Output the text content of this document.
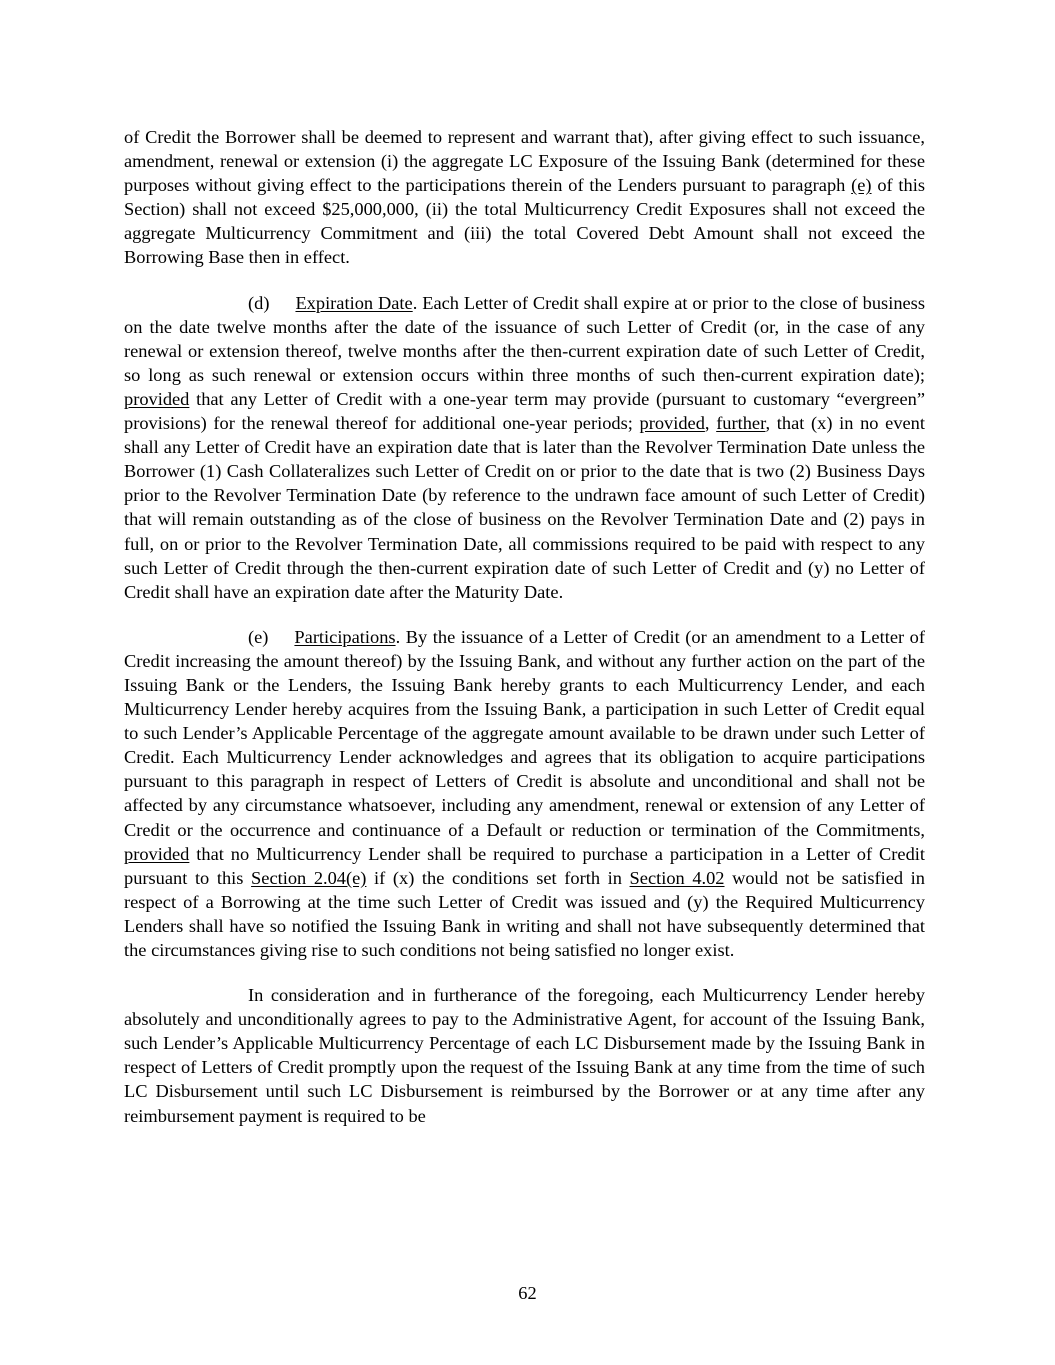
of Credit the Borrower shall be deemed to represent and warrant that), after giving effect to such issuance, amendment, renewal or extension (i) the aggregate LC Exposure of the Issuing Bank (determined for these purposes without giving effect to the participations therein of the Lenders pursuant to paragraph (e) of this Section) shall not exceed $25,000,000, (ii) the total Multicurrency Credit Exposures shall not exceed the aggregate Multicurrency Commitment and (iii) the total Covered Debt Amount shall not exceed the Borrowing Base then in effect.

(d) Expiration Date. Each Letter of Credit shall expire at or prior to the close of business on the date twelve months after the date of the issuance of such Letter of Credit (or, in the case of any renewal or extension thereof, twelve months after the then-current expiration date of such Letter of Credit, so long as such renewal or extension occurs within three months of such then-current expiration date); provided that any Letter of Credit with a one-year term may provide (pursuant to customary “evergreen” provisions) for the renewal thereof for additional one-year periods; provided, further, that (x) in no event shall any Letter of Credit have an expiration date that is later than the Revolver Termination Date unless the Borrower (1) Cash Collateralizes such Letter of Credit on or prior to the date that is two (2) Business Days prior to the Revolver Termination Date (by reference to the undrawn face amount of such Letter of Credit) that will remain outstanding as of the close of business on the Revolver Termination Date and (2) pays in full, on or prior to the Revolver Termination Date, all commissions required to be paid with respect to any such Letter of Credit through the then-current expiration date of such Letter of Credit and (y) no Letter of Credit shall have an expiration date after the Maturity Date.

(e) Participations. By the issuance of a Letter of Credit (or an amendment to a Letter of Credit increasing the amount thereof) by the Issuing Bank, and without any further action on the part of the Issuing Bank or the Lenders, the Issuing Bank hereby grants to each Multicurrency Lender, and each Multicurrency Lender hereby acquires from the Issuing Bank, a participation in such Letter of Credit equal to such Lender’s Applicable Percentage of the aggregate amount available to be drawn under such Letter of Credit. Each Multicurrency Lender acknowledges and agrees that its obligation to acquire participations pursuant to this paragraph in respect of Letters of Credit is absolute and unconditional and shall not be affected by any circumstance whatsoever, including any amendment, renewal or extension of any Letter of Credit or the occurrence and continuance of a Default or reduction or termination of the Commitments, provided that no Multicurrency Lender shall be required to purchase a participation in a Letter of Credit pursuant to this Section 2.04(e) if (x) the conditions set forth in Section 4.02 would not be satisfied in respect of a Borrowing at the time such Letter of Credit was issued and (y) the Required Multicurrency Lenders shall have so notified the Issuing Bank in writing and shall not have subsequently determined that the circumstances giving rise to such conditions not being satisfied no longer exist.

In consideration and in furtherance of the foregoing, each Multicurrency Lender hereby absolutely and unconditionally agrees to pay to the Administrative Agent, for account of the Issuing Bank, such Lender’s Applicable Multicurrency Percentage of each LC Disbursement made by the Issuing Bank in respect of Letters of Credit promptly upon the request of the Issuing Bank at any time from the time of such LC Disbursement until such LC Disbursement is reimbursed by the Borrower or at any time after any reimbursement payment is required to be

62
